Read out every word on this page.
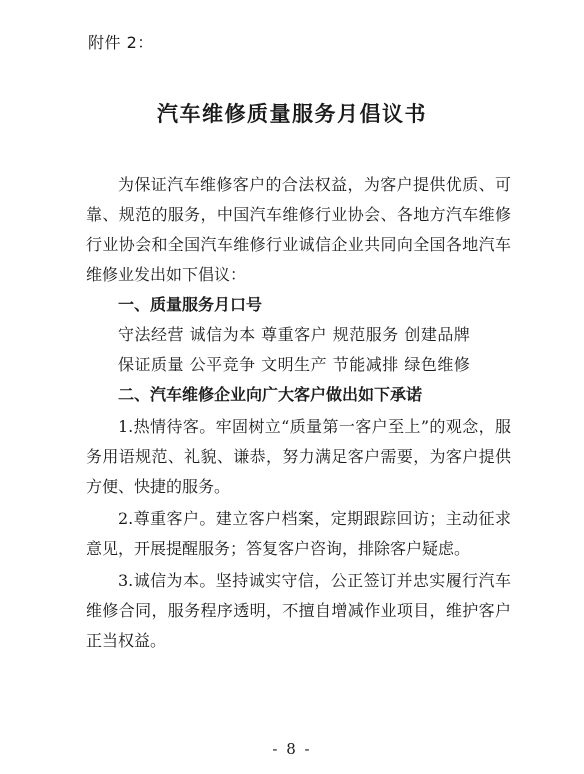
附件 2：
汽车维修质量服务月倡议书

为保证汽车维修客户的合法权益，为客户提供优质、可靠、规范的服务，中国汽车维修行业协会、各地方汽车维修行业协会和全国汽车维修行业诚信企业共同向全国各地汽车维修业发出如下倡议：

一、质量服务月口号

守法经营 诚信为本 尊重客户 规范服务 创建品牌

保证质量 公平竞争 文明生产 节能减排 绿色维修

二、汽车维修企业向广大客户做出如下承诺

1.热情待客。牢固树立“质量第一客户至上”的观念，服务用语规范、礼貌、谦恭，努力满足客户需要，为客户提供方便、快捷的服务。

2.尊重客户。建立客户档案，定期跟踪回访；主动征求意见，开展提醒服务；答复客户咨询，排除客户疑虑。

3.诚信为本。坚持诚实守信，公正签订并忠实履行汽车维修合同，服务程序透明，不擅自增减作业项目，维护客户正当权益。

- 8 -
